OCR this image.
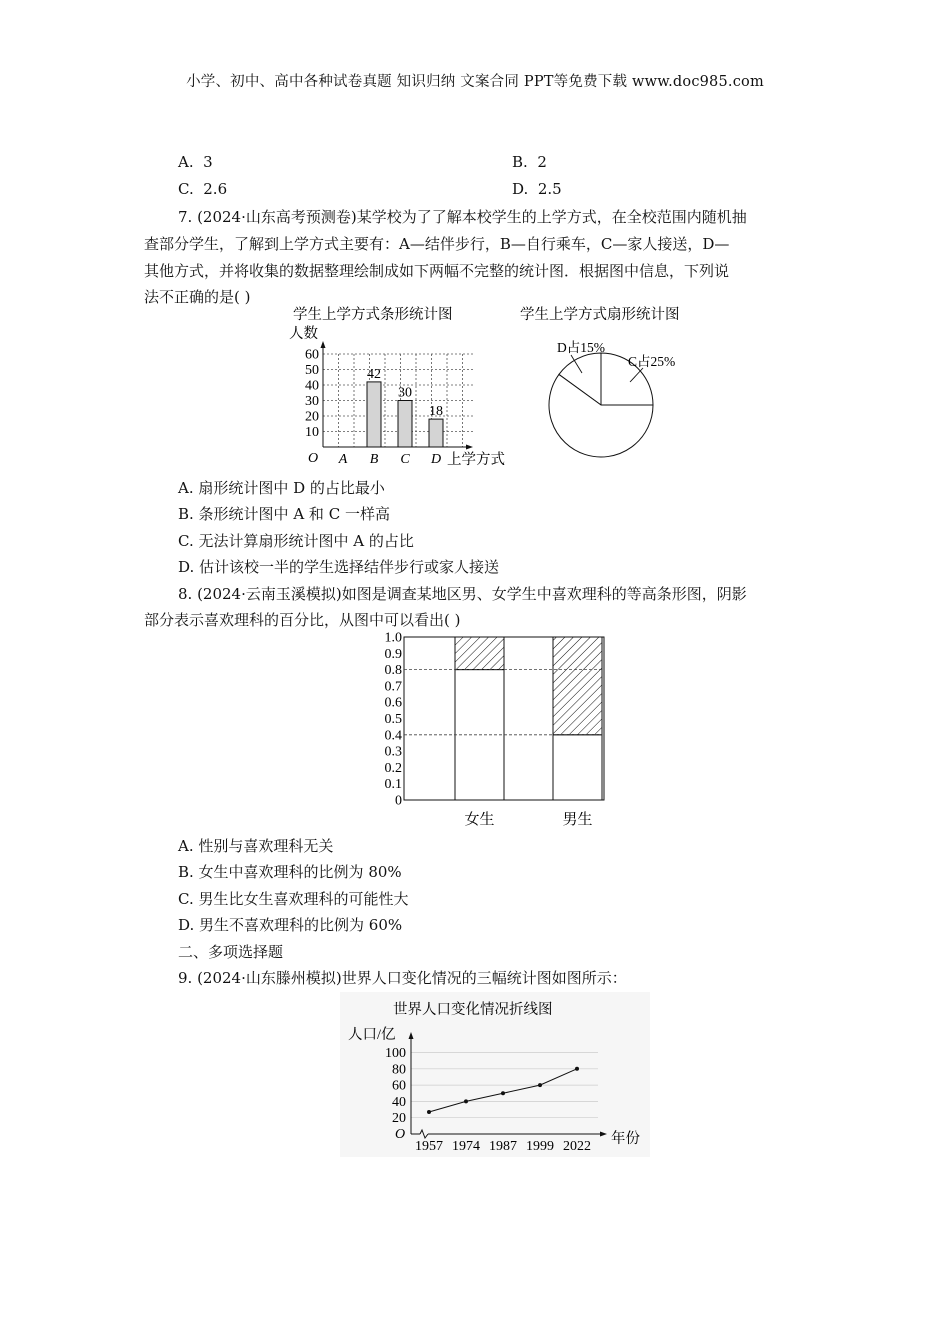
小学、初中、高中各种试卷真题 知识归纳 文案合同 PPT等免费下载 www.doc985.com
A. 3	B. 2
C. 2.6	D. 2.5
7. (2024·山东高考预测卷)某学校为了了解本校学生的上学方式，在全校范围内随机抽
查部分学生，了解到上学方式主要有：A—结伴步行，B—自行乘车，C—家人接送，D—
其他方式，并将收集的数据整理绘制成如下两幅不完整的统计图．根据图中信息，下列说
法不正确的是( )
学生上学方式条形统计图
人数
10
20
30
40
50
60
42
30
18
A B C D
O	上学方式
学生上学方式扇形统计图
D占15%
C占25%
A. 扇形统计图中 D 的占比最小
B. 条形统计图中 A 和 C 一样高
C. 无法计算扇形统计图中 A 的占比
D. 估计该校一半的学生选择结伴步行或家人接送
8. (2024·云南玉溪模拟)如图是调查某地区男、女学生中喜欢理科的等高条形图，阴影
部分表示喜欢理科的百分比，从图中可以看出( )
0
0.1
0.2
0.3
0.4
0.5
0.6
0.7
0.8
0.9
1.0
女生	男生
A. 性别与喜欢理科无关
B. 女生中喜欢理科的比例为 80%
C. 男生比女生喜欢理科的可能性大
D. 男生不喜欢理科的比例为 60%
二、多项选择题
9. (2024·山东滕州模拟)世界人口变化情况的三幅统计图如图所示：
世界人口变化情况折线图
人口/亿
20
40
60
80
100
1957 1974 1987 1999 2022
O	年份
